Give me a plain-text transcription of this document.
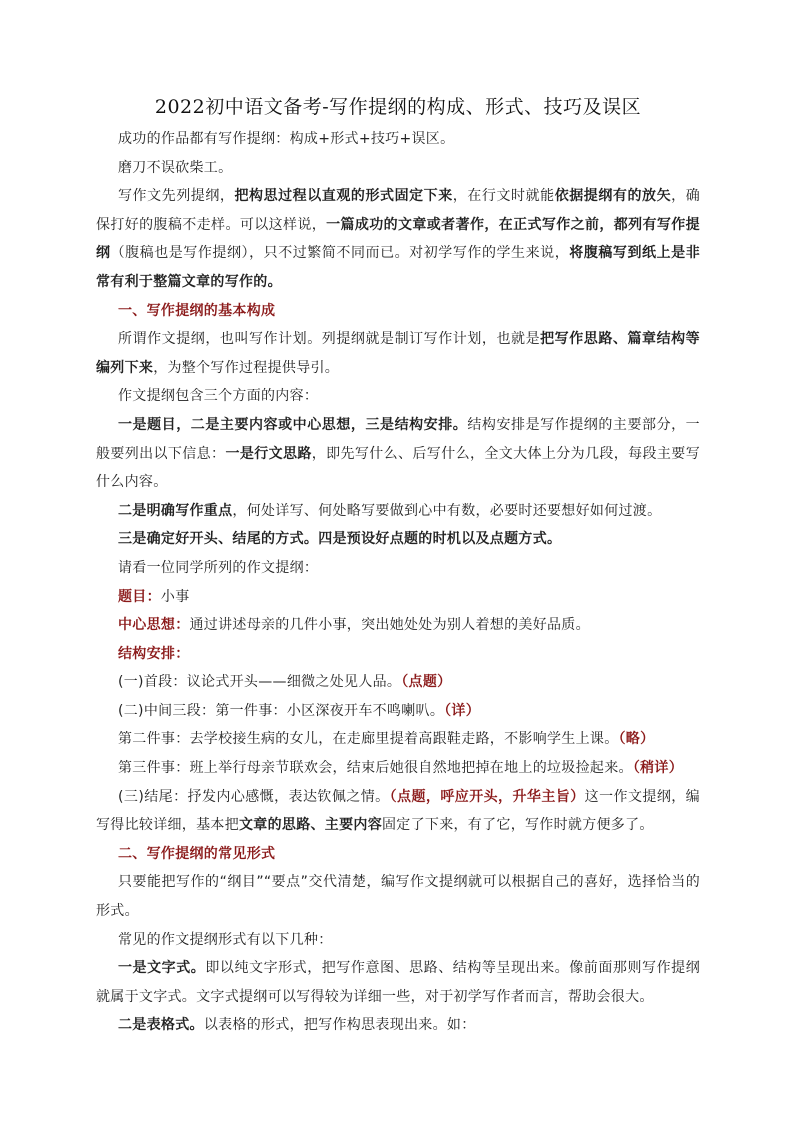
2022初中语文备考-写作提纲的构成、形式、技巧及误区

成功的作品都有写作提纲：构成+形式+技巧+误区。

磨刀不误砍柴工。

写作文先列提纲，把构思过程以直观的形式固定下来，在行文时就能依据提纲有的放矢，确保打好的腹稿不走样。可以这样说，一篇成功的文章或者著作，在正式写作之前，都列有写作提纲（腹稿也是写作提纲），只不过繁简不同而已。对初学写作的学生来说，将腹稿写到纸上是非常有利于整篇文章的写作的。

一、写作提纲的基本构成

所谓作文提纲，也叫写作计划。列提纲就是制订写作计划，也就是把写作思路、篇章结构等编列下来，为整个写作过程提供导引。

作文提纲包含三个方面的内容：

一是题目，二是主要内容或中心思想，三是结构安排。结构安排是写作提纲的主要部分，一般要列出以下信息：一是行文思路，即先写什么、后写什么，全文大体上分为几段，每段主要写什么内容。

二是明确写作重点，何处详写、何处略写要做到心中有数，必要时还要想好如何过渡。

三是确定好开头、结尾的方式。四是预设好点题的时机以及点题方式。

请看一位同学所列的作文提纲：

题目：小事

中心思想：通过讲述母亲的几件小事，突出她处处为别人着想的美好品质。

结构安排：

(一)首段：议论式开头——细微之处见人品。（点题）

(二)中间三段：第一件事：小区深夜开车不鸣喇叭。（详）

第二件事：去学校接生病的女儿，在走廊里提着高跟鞋走路，不影响学生上课。（略）

第三件事：班上举行母亲节联欢会，结束后她很自然地把掉在地上的垃圾捡起来。（稍详）

(三)结尾：抒发内心感慨，表达钦佩之情。（点题，呼应开头，升华主旨）这一作文提纲，编写得比较详细，基本把文章的思路、主要内容固定了下来，有了它，写作时就方便多了。

二、写作提纲的常见形式

只要能把写作的“纲目”“要点”交代清楚，编写作文提纲就可以根据自己的喜好，选择恰当的形式。

常见的作文提纲形式有以下几种：

一是文字式。即以纯文字形式，把写作意图、思路、结构等呈现出来。像前面那则写作提纲就属于文字式。文字式提纲可以写得较为详细一些，对于初学写作者而言，帮助会很大。

二是表格式。以表格的形式，把写作构思表现出来。如：
